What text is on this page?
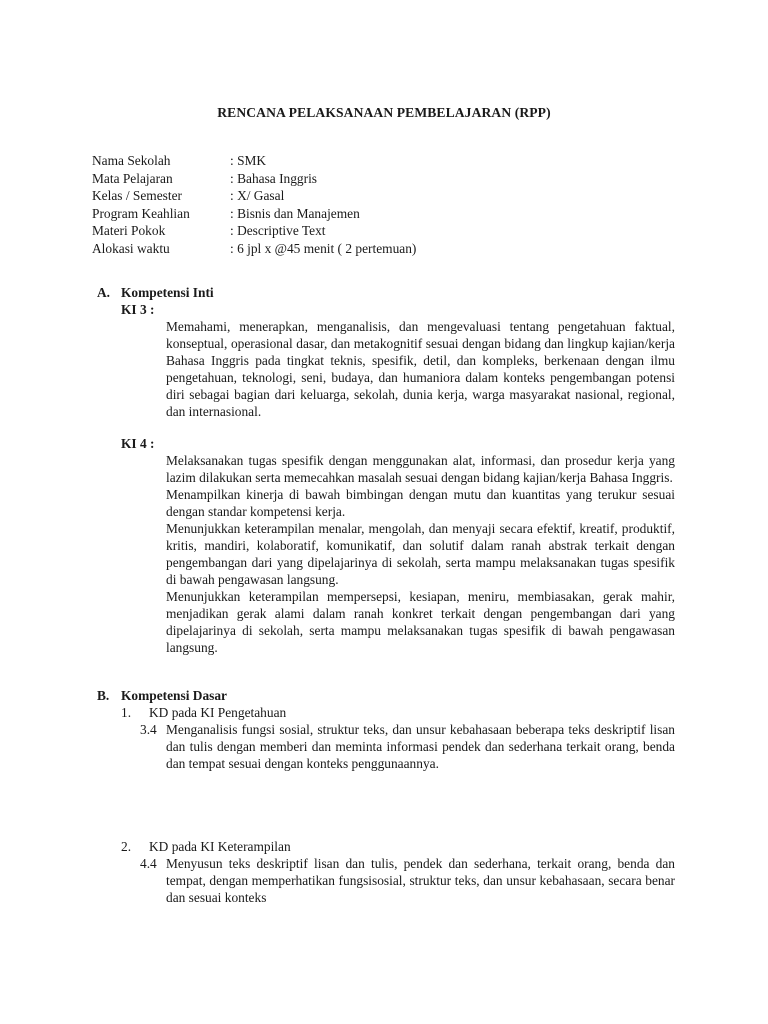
RENCANA PELAKSANAAN PEMBELAJARAN (RPP)
Nama Sekolah	: SMK
Mata Pelajaran	: Bahasa Inggris
Kelas / Semester	: X/ Gasal
Program Keahlian	: Bisnis dan Manajemen
Materi Pokok	: Descriptive Text
Alokasi waktu	: 6 jpl x @45 menit ( 2 pertemuan)
A. Kompetensi Inti
KI 3 :

Memahami, menerapkan, menganalisis, dan mengevaluasi tentang pengetahuan faktual, konseptual, operasional dasar, dan metakognitif sesuai dengan bidang dan lingkup kajian/kerja Bahasa Inggris pada tingkat teknis, spesifik, detil, dan kompleks, berkenaan dengan ilmu pengetahuan, teknologi, seni, budaya, dan humaniora dalam konteks pengembangan potensi diri sebagai bagian dari keluarga, sekolah, dunia kerja, warga masyarakat nasional, regional, dan internasional.

KI 4 :

Melaksanakan tugas spesifik dengan menggunakan alat, informasi, dan prosedur kerja yang lazim dilakukan serta memecahkan masalah sesuai dengan bidang kajian/kerja Bahasa Inggris.

Menampilkan kinerja di bawah bimbingan dengan mutu dan kuantitas yang terukur sesuai dengan standar kompetensi kerja.

Menunjukkan keterampilan menalar, mengolah, dan menyaji secara efektif, kreatif, produktif, kritis, mandiri, kolaboratif, komunikatif, dan solutif dalam ranah abstrak terkait dengan pengembangan dari yang dipelajarinya di sekolah, serta mampu melaksanakan tugas spesifik di bawah pengawasan langsung.

Menunjukkan keterampilan mempersepsi, kesiapan, meniru, membiasakan, gerak mahir, menjadikan gerak alami dalam ranah konkret terkait dengan pengembangan dari yang dipelajarinya di sekolah, serta mampu melaksanakan tugas spesifik di bawah pengawasan langsung.

B. Kompetensi Dasar
1.	KD pada KI Pengetahuan
3.4 Menganalisis fungsi sosial, struktur teks, dan unsur kebahasaan beberapa teks deskriptif lisan dan tulis dengan memberi dan meminta informasi pendek dan sederhana terkait orang, benda dan tempat sesuai dengan konteks penggunaannya.
2.	KD pada KI Keterampilan
4.4 Menyusun teks deskriptif lisan dan tulis, pendek dan sederhana, terkait orang, benda dan tempat, dengan memperhatikan fungsisosial, struktur teks, dan unsur kebahasaan, secara benar dan sesuai konteks
